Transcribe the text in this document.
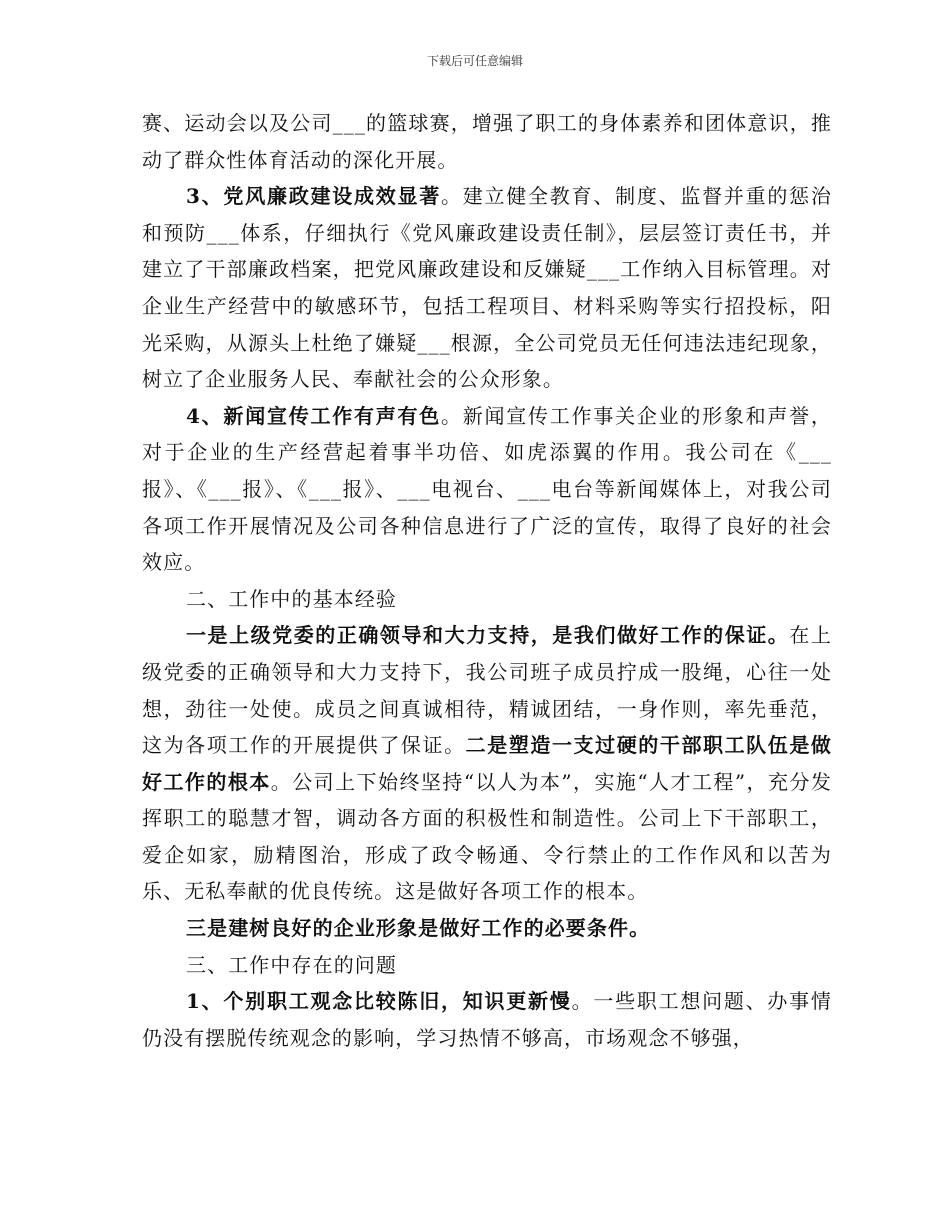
下载后可任意编辑

赛、运动会以及公司___的篮球赛，增强了职工的身体素养和团体意识，推动了群众性体育活动的深化开展。

3、党风廉政建设成效显著。建立健全教育、制度、监督并重的惩治和预防___体系，仔细执行《党风廉政建设责任制》，层层签订责任书，并建立了干部廉政档案，把党风廉政建设和反嫌疑___工作纳入目标管理。对企业生产经营中的敏感环节，包括工程项目、材料采购等实行招投标，阳光采购，从源头上杜绝了嫌疑___根源，全公司党员无任何违法违纪现象，树立了企业服务人民、奉献社会的公众形象。

4、新闻宣传工作有声有色。新闻宣传工作事关企业的形象和声誉，对于企业的生产经营起着事半功倍、如虎添翼的作用。我公司在《___报》、《___报》、《___报》、___电视台、___电台等新闻媒体上，对我公司各项工作开展情况及公司各种信息进行了广泛的宣传，取得了良好的社会效应。

二、工作中的基本经验

一是上级党委的正确领导和大力支持，是我们做好工作的保证。在上级党委的正确领导和大力支持下，我公司班子成员拧成一股绳，心往一处想，劲往一处使。成员之间真诚相待，精诚团结，一身作则，率先垂范，这为各项工作的开展提供了保证。二是塑造一支过硬的干部职工队伍是做好工作的根本。公司上下始终坚持“以人为本”，实施“人才工程”，充分发挥职工的聪慧才智，调动各方面的积极性和制造性。公司上下干部职工，爱企如家，励精图治，形成了政令畅通、令行禁止的工作作风和以苦为乐、无私奉献的优良传统。这是做好各项工作的根本。

三是建树良好的企业形象是做好工作的必要条件。

三、工作中存在的问题

1、个别职工观念比较陈旧，知识更新慢。一些职工想问题、办事情仍没有摆脱传统观念的影响，学习热情不够高，市场观念不够强，
